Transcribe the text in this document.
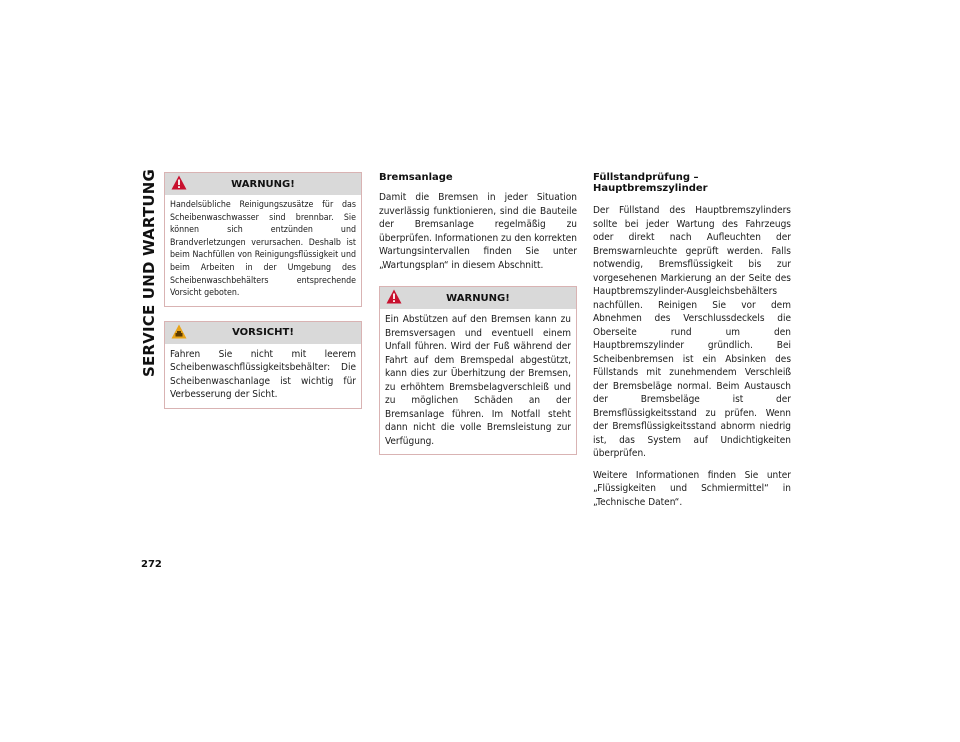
SERVICE UND WARTUNG
272
WARNUNG!
Handelsübliche Reinigungszusätze für das Scheibenwaschwasser sind brennbar. Sie können sich entzünden und Brandverletzungen verursachen. Deshalb ist beim Nachfüllen von Reinigungsflüssigkeit und beim Arbeiten in der Umgebung des Scheibenwaschbehälters entsprechende Vorsicht geboten.
VORSICHT!
Fahren Sie nicht mit leerem Scheibenwaschflüssigkeitsbehälter: Die Scheibenwaschanlage ist wichtig für Verbesserung der Sicht.
Bremsanlage

Damit die Bremsen in jeder Situation zuverlässig funktionieren, sind die Bauteile der Bremsanlage regelmäßig zu überprüfen. Informationen zu den korrekten Wartungsintervallen finden Sie unter „Wartungsplan“ in diesem Abschnitt.

WARNUNG!
Ein Abstützen auf den Bremsen kann zu Bremsversagen und eventuell einem Unfall führen. Wird der Fuß während der Fahrt auf dem Bremspedal abgestützt, kann dies zur Überhitzung der Bremsen, zu erhöhtem Bremsbelagverschleiß und zu möglichen Schäden an der Bremsanlage führen. Im Notfall steht dann nicht die volle Bremsleistung zur Verfügung.
Füllstandprüfung – Hauptbremszylinder

Der Füllstand des Hauptbremszylinders sollte bei jeder Wartung des Fahrzeugs oder direkt nach Aufleuchten der Bremswarnleuchte geprüft werden. Falls notwendig, Bremsflüssigkeit bis zur vorgesehenen Markierung an der Seite des Hauptbremszylinder-Ausgleichsbehälters nachfüllen. Reinigen Sie vor dem Abnehmen des Verschlussdeckels die Oberseite rund um den Hauptbremszylinder gründlich. Bei Scheibenbremsen ist ein Absinken des Füllstands mit zunehmendem Verschleiß der Bremsbeläge normal. Beim Austausch der Bremsbeläge ist der Bremsflüssigkeitsstand zu prüfen. Wenn der Bremsflüssigkeitsstand abnorm niedrig ist, das System auf Undichtigkeiten überprüfen.

Weitere Informationen finden Sie unter „Flüssigkeiten und Schmiermittel“ in „Technische Daten“.
